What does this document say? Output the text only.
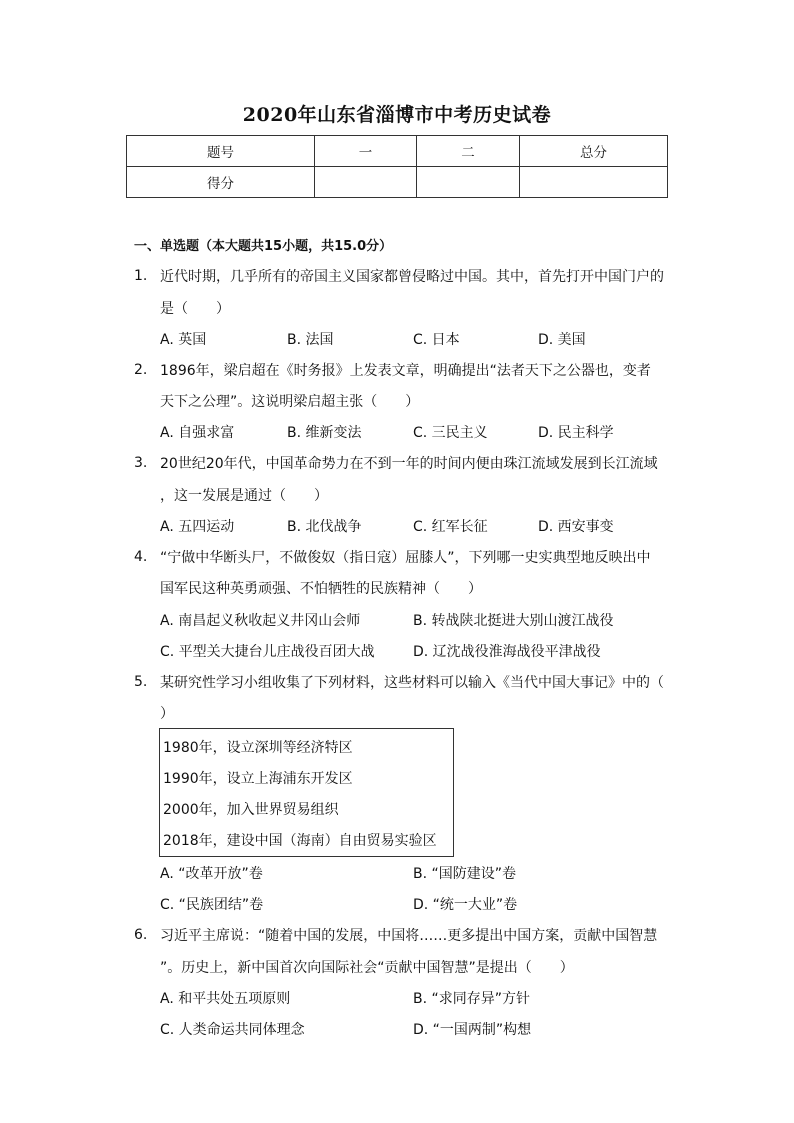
2020年山东省淄博市中考历史试卷
题号	一	二	总分
得分			
一、单选题（本大题共15小题，共15.0分）
1. 近代时期，几乎所有的帝国主义国家都曾侵略过中国。其中，首先打开中国门户的
是（　　）
A. 英国	B. 法国	C. 日本	D. 美国
2. 1896年，梁启超在《时务报》上发表文章，明确提出“法者天下之公器也，变者
天下之公理”。这说明梁启超主张（　　）
A. 自强求富	B. 维新变法	C. 三民主义	D. 民主科学
3. 20世纪20年代，中国革命势力在不到一年的时间内便由珠江流域发展到长江流域
，这一发展是通过（　　）
A. 五四运动	B. 北伐战争	C. 红军长征	D. 西安事变
4. “宁做中华断头尸，不做俊奴（指日寇）屈膝人”，下列哪一史实典型地反映出中
国军民这种英勇顽强、不怕牺牲的民族精神（　　）
A. 南昌起义秋收起义井冈山会师	B. 转战陕北挺进大别山渡江战役
C. 平型关大捷台儿庄战役百团大战	D. 辽沈战役淮海战役平津战役
5. 某研究性学习小组收集了下列材料，这些材料可以输入《当代中国大事记》中的（
）
1980年，设立深圳等经济特区
1990年，设立上海浦东开发区
2000年，加入世界贸易组织
2018年，建设中国（海南）自由贸易实验区
A. “改革开放”卷	B. “国防建设”卷
C. “民族团结”卷	D. “统一大业”卷
6. 习近平主席说：“随着中国的发展，中国将……更多提出中国方案，贡献中国智慧
”。历史上，新中国首次向国际社会“贡献中国智慧”是提出（　　）
A. 和平共处五项原则	B. “求同存异”方针
C. 人类命运共同体理念	D. “一国两制”构想
